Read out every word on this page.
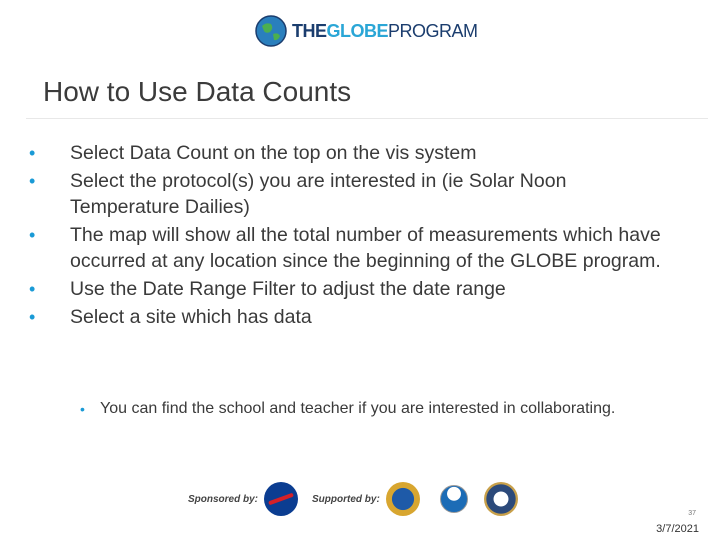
THEGLOBEPROGRAM
How to Use Data Counts
• Select Data Count on the top on the vis system
• Select the protocol(s) you are interested in (ie Solar Noon Temperature Dailies)
• The map will show all the total number of measurements which have occurred at any location since the beginning of the GLOBE program.
• Use the Date Range Filter to adjust the date range
• Select a site which has data
• You can find the school and teacher if you are interested in collaborating.
Sponsored by:	Supported by:
37
3/7/2021
